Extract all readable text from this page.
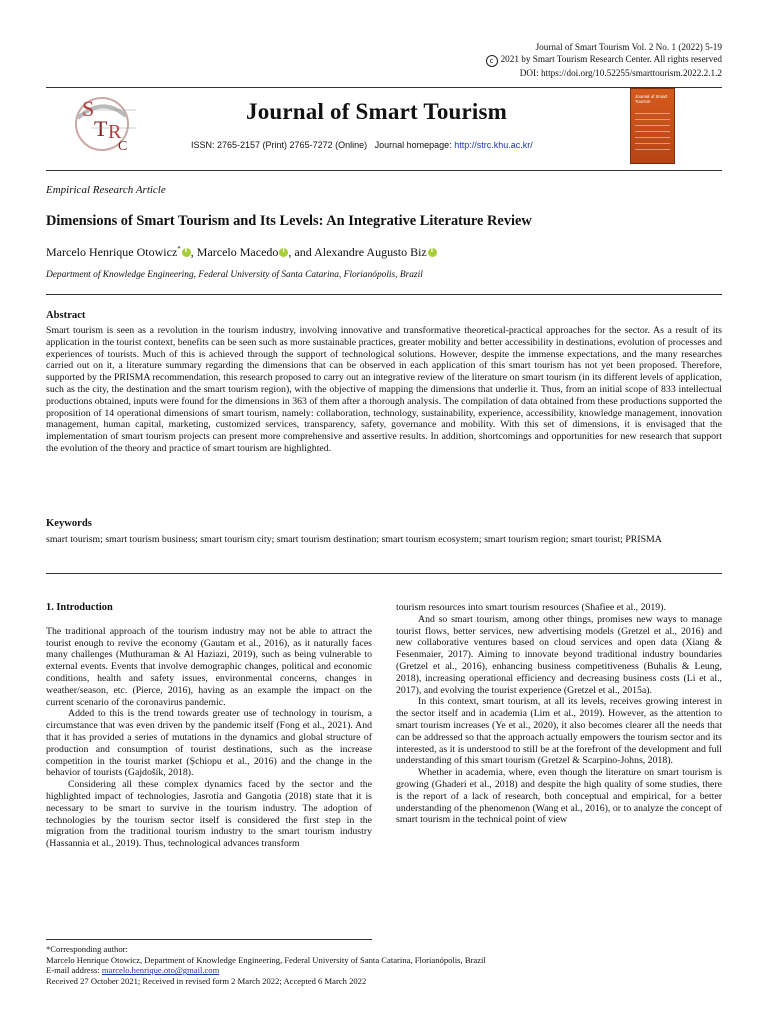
Journal of Smart Tourism Vol. 2 No. 1 (2022) 5-19
c 2021 by Smart Tourism Research Center. All rights reserved
DOI: https://doi.org/10.52255/smarttourism.2022.2.1.2
S
T R
C
Journal of Smart Tourism
ISSN: 2765-2157 (Print) 2765-7272 (Online) Journal homepage: http://strc.khu.ac.kr/
Journal of Smart Tourism
Empirical Research Article
Dimensions of Smart Tourism and Its Levels: An Integrative Literature Review
Marcelo Henrique Otowicz* i , Marcelo Macedo i , and Alexandre Augusto Bizi
Department of Knowledge Engineering, Federal University of Santa Catarina, Florianópolis, Brazil
Abstract
Smart tourism is seen as a revolution in the tourism industry, involving innovative and transformative theoretical-practical approaches for the sector. As a result of its application in the tourist context, benefits can be seen such as more sustainable practices, greater mobility and better accessibility in destinations, evolution of processes and experiences of tourists. Much of this is achieved through the support of technological solutions. However, despite the immense expectations, and the many researches carried out on it, a literature summary regarding the dimensions that can be observed in each application of this smart tourism has not yet been proposed. Therefore, supported by the PRISMA recommendation, this research proposed to carry out an integrative review of the literature on smart tourism (in its different levels of application, such as the city, the destination and the smart tourism region), with the objective of mapping the dimensions that underlie it. Thus, from an initial scope of 833 intellectual productions obtained, inputs were found for the dimensions in 363 of them after a thorough analysis. The compilation of data obtained from these productions supported the proposition of 14 operational dimensions of smart tourism, namely: collaboration, technology, sustainability, experience, accessibility, knowledge management, innovation management, human capital, marketing, customized services, transparency, safety, governance and mobility. With this set of dimensions, it is envisaged that the implementation of smart tourism projects can present more comprehensive and assertive results. In addition, shortcomings and opportunities for new research that support the evolution of the theory and practice of smart tourism are highlighted.
Keywords
smart tourism; smart tourism business; smart tourism city; smart tourism destination; smart tourism ecosystem; smart tourism region; smart tourist; PRISMA
1. Introduction

The traditional approach of the tourism industry may not be able to attract the tourist enough to revive the economy (Gautam et al., 2016), as it naturally faces many challenges (Muthuraman & Al Haziazi, 2019), such as being vulnerable to external events. Events that involve demographic changes, political and economic conditions, health and safety issues, environmental concerns, changes in weather/season, etc. (Pierce, 2016), having as an example the impact on the current scenario of the coronavirus pandemic.

Added to this is the trend towards greater use of technology in tourism, a circumstance that was even driven by the pandemic itself (Fong et al., 2021). And that it has provided a series of mutations in the dynamics and global structure of production and consumption of tourist destinations, such as the increase competition in the tourist market (Șchiopu et al., 2016) and the change in the behavior of tourists (Gajdošík, 2018).

Considering all these complex dynamics faced by the sector and the highlighted impact of technologies, Jasrotia and Gangotia (2018) state that it is necessary to be smart to survive in the tourism industry. The adoption of technologies by the tourism sector itself is considered the first step in the migration from the traditional tourism industry to the smart tourism industry (Hassannia et al., 2019). Thus, technological advances transform

tourism resources into smart tourism resources (Shafiee et al., 2019).

And so smart tourism, among other things, promises new ways to manage tourist flows, better services, new advertising models (Gretzel et al., 2016) and new collaborative ventures based on cloud services and open data (Xiang & Fesenmaier, 2017). Aiming to innovate beyond traditional industry boundaries (Gretzel et al., 2016), enhancing business competitiveness (Buhalis & Leung, 2018), increasing operational efficiency and decreasing business costs (Li et al., 2017), and evolving the tourist experience (Gretzel et al., 2015a).

In this context, smart tourism, at all its levels, receives growing interest in the sector itself and in academia (Lim et al., 2019). However, as the attention to smart tourism increases (Ye et al., 2020), it also becomes clearer all the needs that can be addressed so that the approach actually empowers the tourism sector and its interested, as it is understood to still be at the forefront of the development and full understanding of this smart tourism (Gretzel & Scarpino-Johns, 2018).

Whether in academia, where, even though the literature on smart tourism is growing (Ghaderi et al., 2018) and despite the high quality of some studies, there is the report of a lack of research, both conceptual and empirical, for a better understanding of the phenomenon (Wang et al., 2016), or to analyze the concept of smart tourism in the technical point of view

*Corresponding author:
Marcelo Henrique Otowicz, Department of Knowledge Engineering, Federal University of Santa Catarina, Florianópolis, Brazil
E-mail address: marcelo.henrique.oto@gmail.com
Received 27 October 2021; Received in revised form 2 March 2022; Accepted 6 March 2022
